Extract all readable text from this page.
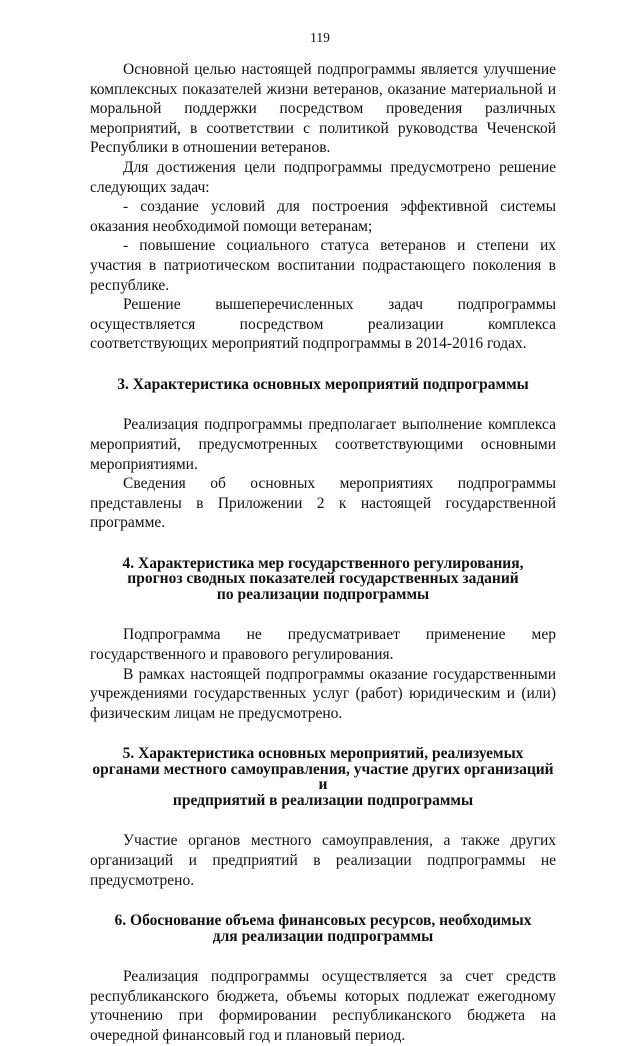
119

Основной целью настоящей подпрограммы является улучшение комплексных показателей жизни ветеранов, оказание материальной и моральной поддержки посредством проведения различных мероприятий, в соответствии с политикой руководства Чеченской Республики в отношении ветеранов.

Для достижения цели подпрограммы предусмотрено решение следующих задач:

- создание условий для построения эффективной системы оказания необходимой помощи ветеранам;

- повышение социального статуса ветеранов и степени их участия в патриотическом воспитании подрастающего поколения в республике.

Решение вышеперечисленных задач подпрограммы осуществляется посредством реализации комплекса соответствующих мероприятий подпрограммы в 2014-2016 годах.

3. Характеристика основных мероприятий подпрограммы

Реализация подпрограммы предполагает выполнение комплекса мероприятий, предусмотренных соответствующими основными мероприятиями.

Сведения об основных мероприятиях подпрограммы представлены в Приложении 2 к настоящей государственной программе.

4. Характеристика мер государственного регулирования,
прогноз сводных показателей государственных заданий
по реализации подпрограммы

Подпрограмма не предусматривает применение мер государственного и правового регулирования.

В рамках настоящей подпрограммы оказание государственными учреждениями государственных услуг (работ) юридическим и (или) физическим лицам не предусмотрено.

5. Характеристика основных мероприятий, реализуемых
органами местного самоуправления, участие других организаций и
предприятий в реализации подпрограммы

Участие органов местного самоуправления, а также других организаций и предприятий в реализации подпрограммы не предусмотрено.

6. Обоснование объема финансовых ресурсов, необходимых
для реализации подпрограммы

Реализация подпрограммы осуществляется за счет средств республиканского бюджета, объемы которых подлежат ежегодному уточнению при формировании республиканского бюджета на очередной финансовый год и плановый период.
